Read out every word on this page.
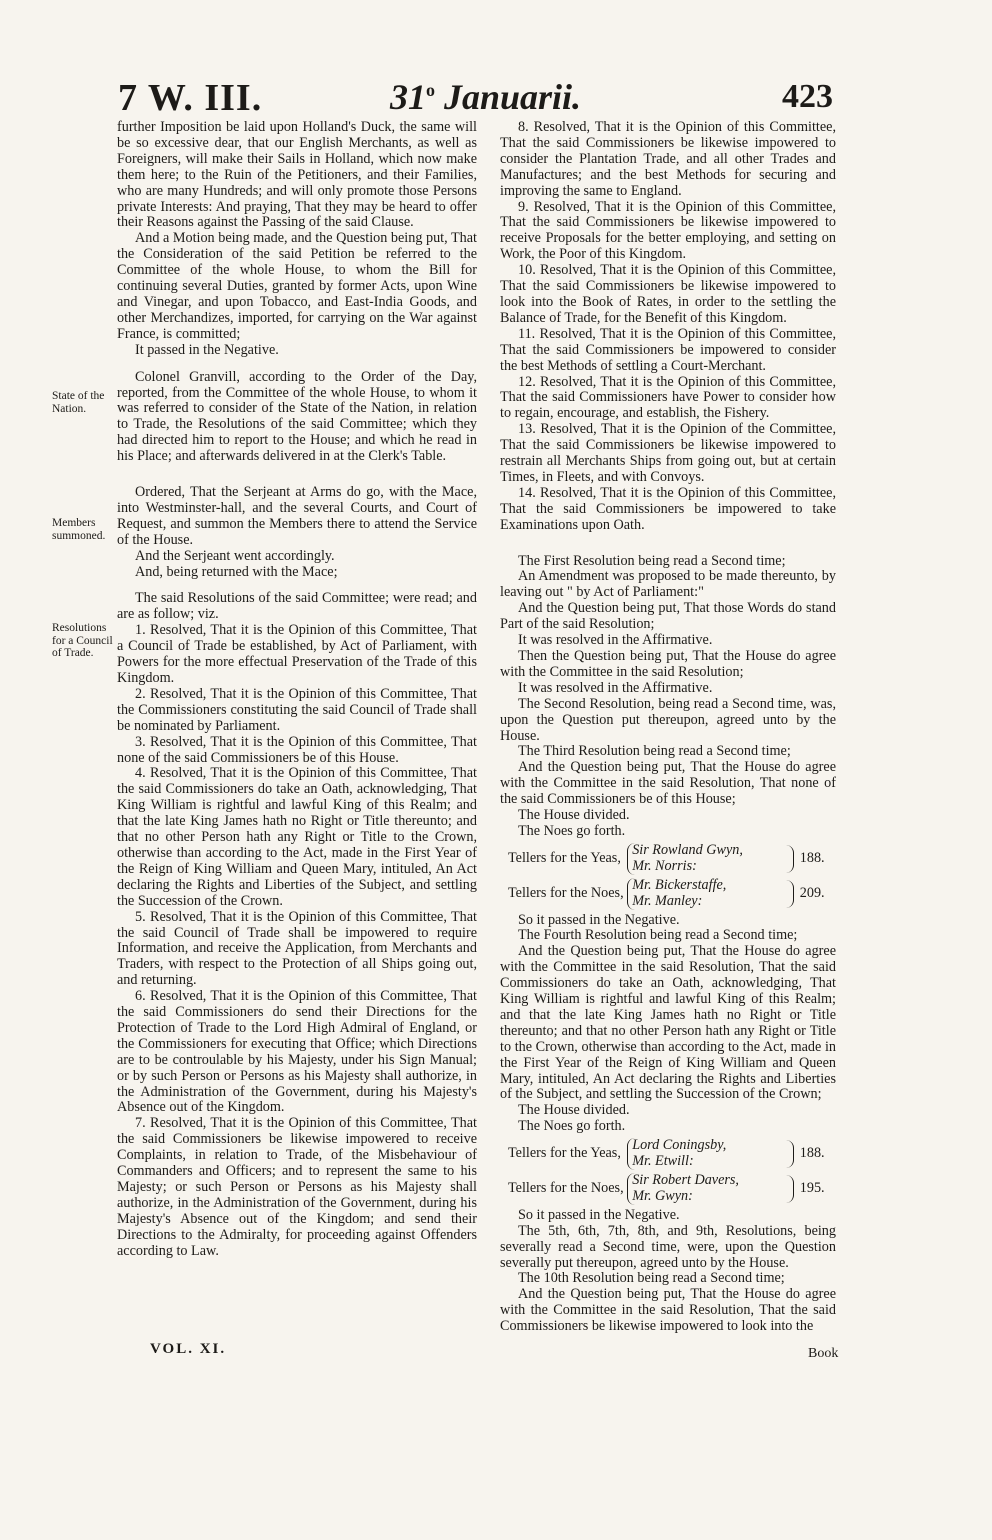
7 W. III.	31$^o$ Januarii.	423
State of the Nation.
Members summoned.
Resolutions for a Council of Trade.

further Imposition be laid upon Holland's Duck, the same will be so excessive dear, that our English Merchants, as well as Foreigners, will make their Sails in Holland, which now make them here; to the Ruin of the Petitioners, and their Families, who are many Hundreds; and will only promote those Persons private Interests: And praying, That they may be heard to offer their Reasons against the Passing of the said Clause.

And a Motion being made, and the Question being put, That the Consideration of the said Petition be referred to the Committee of the whole House, to whom the Bill for continuing several Duties, granted by former Acts, upon Wine and Vinegar, and upon Tobacco, and East-India Goods, and other Merchandizes, imported, for carrying on the War against France, is committed;

It passed in the Negative.

Colonel Granvill, according to the Order of the Day, reported, from the Committee of the whole House, to whom it was referred to consider of the State of the Nation, in relation to Trade, the Resolutions of the said Committee; which they had directed him to report to the House; and which he read in his Place; and afterwards delivered in at the Clerk's Table.

Ordered, That the Serjeant at Arms do go, with the Mace, into Westminster-hall, and the several Courts, and Court of Request, and summon the Members there to attend the Service of the House.

And the Serjeant went accordingly.

And, being returned with the Mace;

The said Resolutions of the said Committee; were read; and are as follow; viz.

1. Resolved, That it is the Opinion of this Committee, That a Council of Trade be established, by Act of Parliament, with Powers for the more effectual Preservation of the Trade of this Kingdom.

2. Resolved, That it is the Opinion of this Committee, That the Commissioners constituting the said Council of Trade shall be nominated by Parliament.

3. Resolved, That it is the Opinion of this Committee, That none of the said Commissioners be of this House.

4. Resolved, That it is the Opinion of this Committee, That the said Commissioners do take an Oath, acknowledging, That King William is rightful and lawful King of this Realm; and that the late King James hath no Right or Title thereunto; and that no other Person hath any Right or Title to the Crown, otherwise than according to the Act, made in the First Year of the Reign of King William and Queen Mary, intituled, An Act declaring the Rights and Liberties of the Subject, and settling the Succession of the Crown.

5. Resolved, That it is the Opinion of this Committee, That the said Council of Trade shall be impowered to require Information, and receive the Application, from Merchants and Traders, with respect to the Protection of all Ships going out, and returning.

6. Resolved, That it is the Opinion of this Committee, That the said Commissioners do send their Directions for the Protection of Trade to the Lord High Admiral of England, or the Commissioners for executing that Office; which Directions are to be controulable by his Majesty, under his Sign Manual; or by such Person or Persons as his Majesty shall authorize, in the Administration of the Government, during his Majesty's Absence out of the Kingdom.

7. Resolved, That it is the Opinion of this Committee, That the said Commissioners be likewise impowered to receive Complaints, in relation to Trade, of the Misbehaviour of Commanders and Officers; and to represent the same to his Majesty; or such Person or Persons as his Majesty shall authorize, in the Administration of the Government, during his Majesty's Absence out of the Kingdom; and send their Directions to the Admiralty, for proceeding against Offenders according to Law.

8. Resolved, That it is the Opinion of this Committee, That the said Commissioners be likewise impowered to consider the Plantation Trade, and all other Trades and Manufactures; and the best Methods for securing and improving the same to England.

9. Resolved, That it is the Opinion of this Committee, That the said Commissioners be likewise impowered to receive Proposals for the better employing, and setting on Work, the Poor of this Kingdom.

10. Resolved, That it is the Opinion of this Committee, That the said Commissioners be likewise impowered to look into the Book of Rates, in order to the settling the Balance of Trade, for the Benefit of this Kingdom.

11. Resolved, That it is the Opinion of this Committee, That the said Commissioners be impowered to consider the best Methods of settling a Court-Merchant.

12. Resolved, That it is the Opinion of this Committee, That the said Commissioners have Power to consider how to regain, encourage, and establish, the Fishery.

13. Resolved, That it is the Opinion of the Committee, That the said Commissioners be likewise impowered to restrain all Merchants Ships from going out, but at certain Times, in Fleets, and with Convoys.

14. Resolved, That it is the Opinion of this Committee, That the said Commissioners be impowered to take Examinations upon Oath.

The First Resolution being read a Second time;

An Amendment was proposed to be made thereunto, by leaving out " by Act of Parliament:"

And the Question being put, That those Words do stand Part of the said Resolution;

It was resolved in the Affirmative.

Then the Question being put, That the House do agree with the Committee in the said Resolution;

It was resolved in the Affirmative.

The Second Resolution, being read a Second time, was, upon the Question put thereupon, agreed unto by the House.

The Third Resolution being read a Second time;

And the Question being put, That the House do agree with the Committee in the said Resolution, That none of the said Commissioners be of this House;

The House divided.

The Noes go forth.

Tellers for the Yeas, Sir Rowland Gwyn,
Mr. Norris:	188.
Tellers for the Noes, Mr. Bickerstaffe,
Mr. Manley:	209.

So it passed in the Negative.

The Fourth Resolution being read a Second time;

And the Question being put, That the House do agree with the Committee in the said Resolution, That the said Commissioners do take an Oath, acknowledging, That King William is rightful and lawful King of this Realm; and that the late King James hath no Right or Title thereunto; and that no other Person hath any Right or Title to the Crown, otherwise than according to the Act, made in the First Year of the Reign of King William and Queen Mary, intituled, An Act declaring the Rights and Liberties of the Subject, and settling the Succession of the Crown;

The House divided.

The Noes go forth.

Tellers for the Yeas, Lord Coningsby,
Mr. Etwill:	188.
Tellers for the Noes, Sir Robert Davers,
Mr. Gwyn:	195.

So it passed in the Negative.

The 5th, 6th, 7th, 8th, and 9th, Resolutions, being severally read a Second time, were, upon the Question severally put thereupon, agreed unto by the House.

The 10th Resolution being read a Second time;

And the Question being put, That the House do agree with the Committee in the said Resolution, That the said Commissioners be likewise impowered to look into the

VOL. XI.	Book
